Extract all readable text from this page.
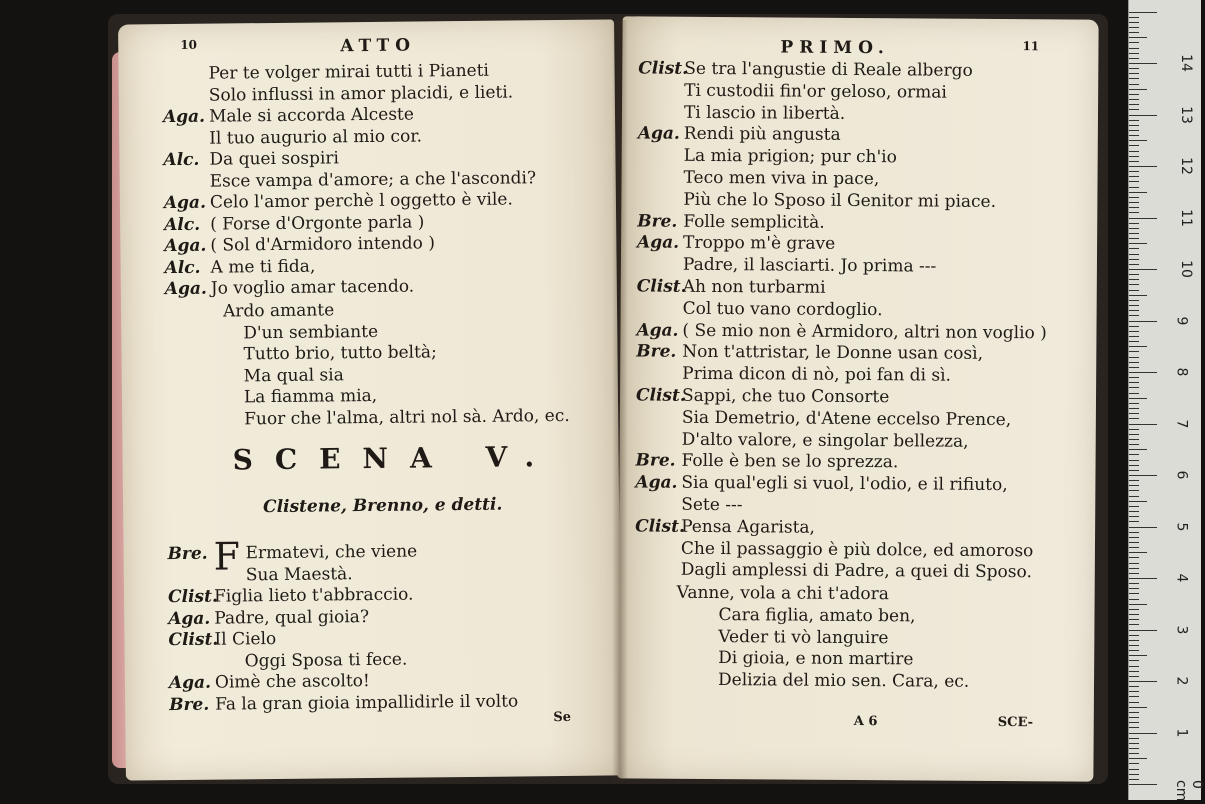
10	ATTO
Per te volger mirai tutti i Pianeti
Solo influssi in amor placidi, e lieti.
Aga. Male si accorda Alceste
Il tuo augurio al mio cor.
Alc. Da quei sospiri
Esce vampa d'amore; a che l'ascondi?
Aga. Celo l'amor perchè l oggetto è vile.
Alc. ( Forse d'Orgonte parla )
Aga. ( Sol d'Armidoro intendo )
Alc. A me ti fida,
Aga. Jo voglio amar tacendo.
Ardo amante
D'un sembiante
Tutto brio, tutto beltà;
Ma qual sia
La fiamma mia,
Fuor che l'alma, altri nol sà. Ardo, ec.
SCENA V.
Clistene, Brenno, e detti.
F
Bre. Ermatevi, che viene
Sua Maestà.
Clist.Figlia lieto t'abbraccio.
Aga. Padre, qual gioia?
Clist.Il Cielo
Oggi Sposa ti fece.
Aga. Oimè che ascolto!
Bre. Fa la gran gioia impallidirle il volto
Se
PRIMO.	11
Clist.Se tra l'angustie di Reale albergo
Ti custodii fin'or geloso, ormai
Ti lascio in libertà.
Aga. Rendi più angusta
La mia prigion; pur ch'io
Teco men viva in pace,
Più che lo Sposo il Genitor mi piace.
Bre. Folle semplicità.
Aga. Troppo m'è grave
Padre, il lasciarti. Jo prima ---
Clist.Ah non turbarmi
Col tuo vano cordoglio.
Aga. ( Se mio non è Armidoro, altri non voglio )
Bre. Non t'attristar, le Donne usan così,
Prima dicon di nò, poi fan di sì.
Clist.Sappi, che tuo Consorte
Sia Demetrio, d'Atene eccelso Prence,
D'alto valore, e singolar bellezza,
Bre. Folle è ben se lo sprezza.
Aga. Sia qual'egli si vuol, l'odio, e il rifiuto,
Sete ---
Clist.Pensa Agarista,
Che il passaggio è più dolce, ed amoroso
Dagli amplessi di Padre, a quei di Sposo.
Vanne, vola a chi t'adora
Cara figlia, amato ben,
Veder ti vò languire
Di gioia, e non martire
Delizia del mio sen. Cara, ec.
A 6	SCE-
0 cm
1
2
3
4
5
6
7
8
9
10
11
12
13
14
